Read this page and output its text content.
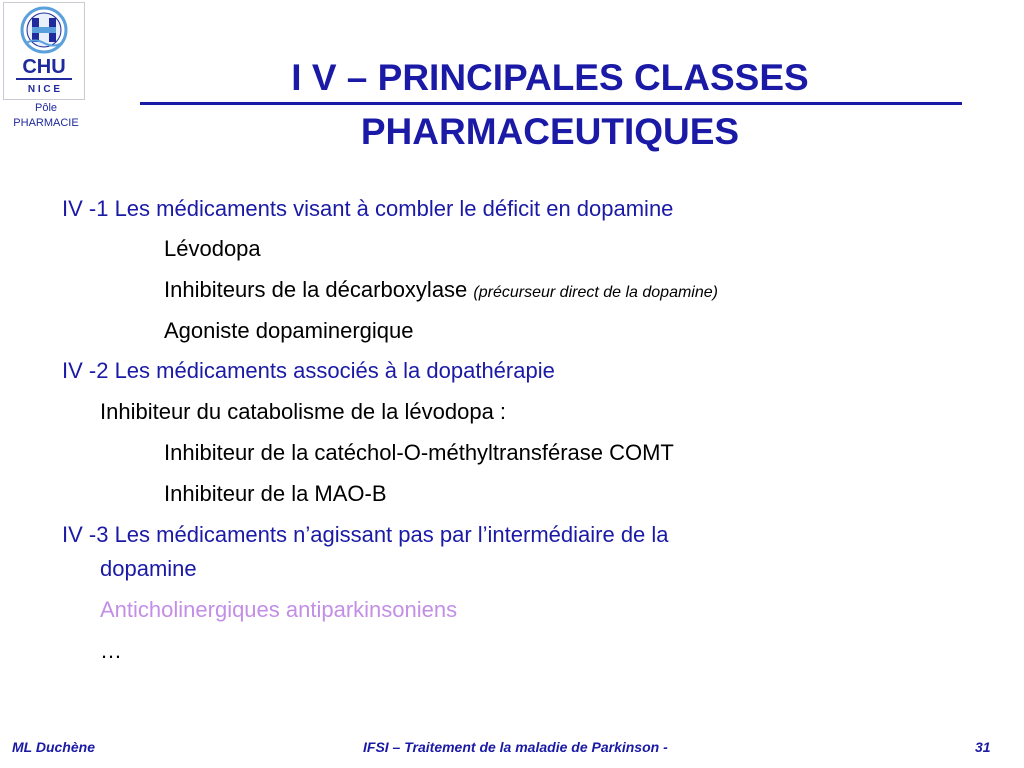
CHU
N I C E
Pôle
PHARMACIE
I V – PRINCIPALES CLASSES
PHARMACEUTIQUES
IV -1 Les médicaments visant à combler le déficit en dopamine
Lévodopa
Inhibiteurs de la décarboxylase (précurseur direct de la dopamine)
Agoniste dopaminergique
IV -2 Les médicaments associés à la dopathérapie
Inhibiteur du catabolisme de la lévodopa :
Inhibiteur de la catéchol-O-méthyltransférase COMT
Inhibiteur de la MAO-B
IV -3 Les médicaments n’agissant pas par l’intermédiaire de la
dopamine
Anticholinergiques antiparkinsoniens
…
ML Duchène	IFSI – Traitement de la maladie de Parkinson -	31
